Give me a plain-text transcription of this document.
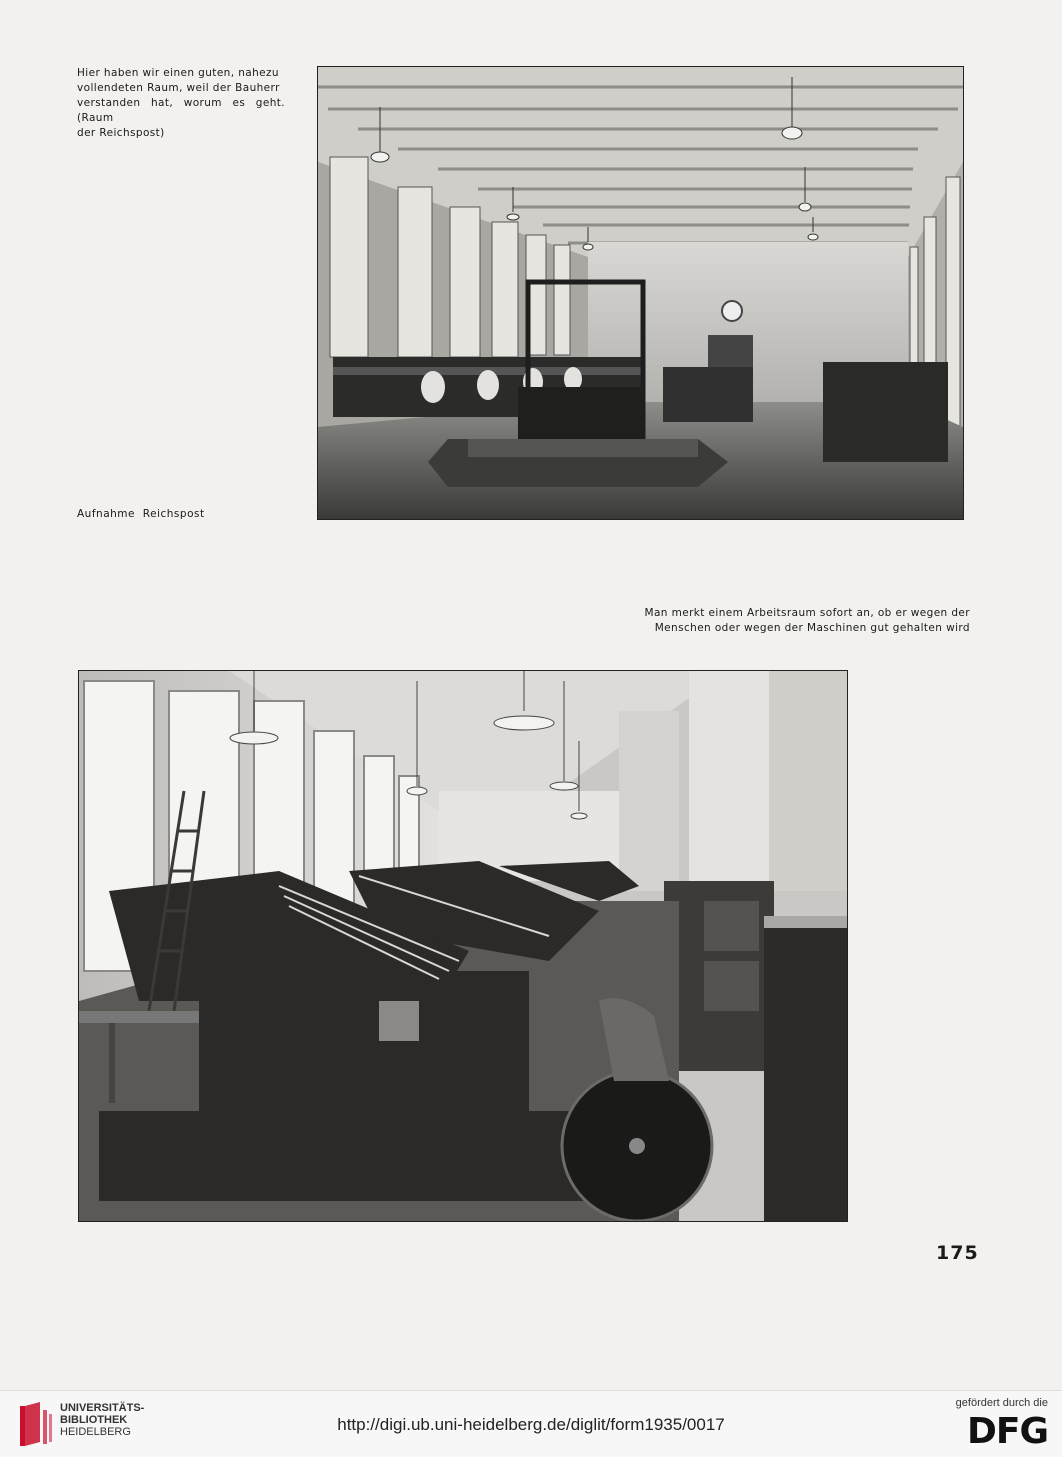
Hier haben wir einen guten, nahezu
vollendeten Raum, weil der Bauherr
verstanden hat, worum es geht. (Raum
der Reichspost)
Aufnahme Reichspost
Man merkt einem Arbeitsraum sofort an, ob er wegen der
Menschen oder wegen der Maschinen gut gehalten wird
175
UNIVERSITÄTS-
BIBLIOTHEK
HEIDELBERG	http://digi.ub.uni-heidelberg.de/diglit/form1935/0017
gefördert durch die
DFG
